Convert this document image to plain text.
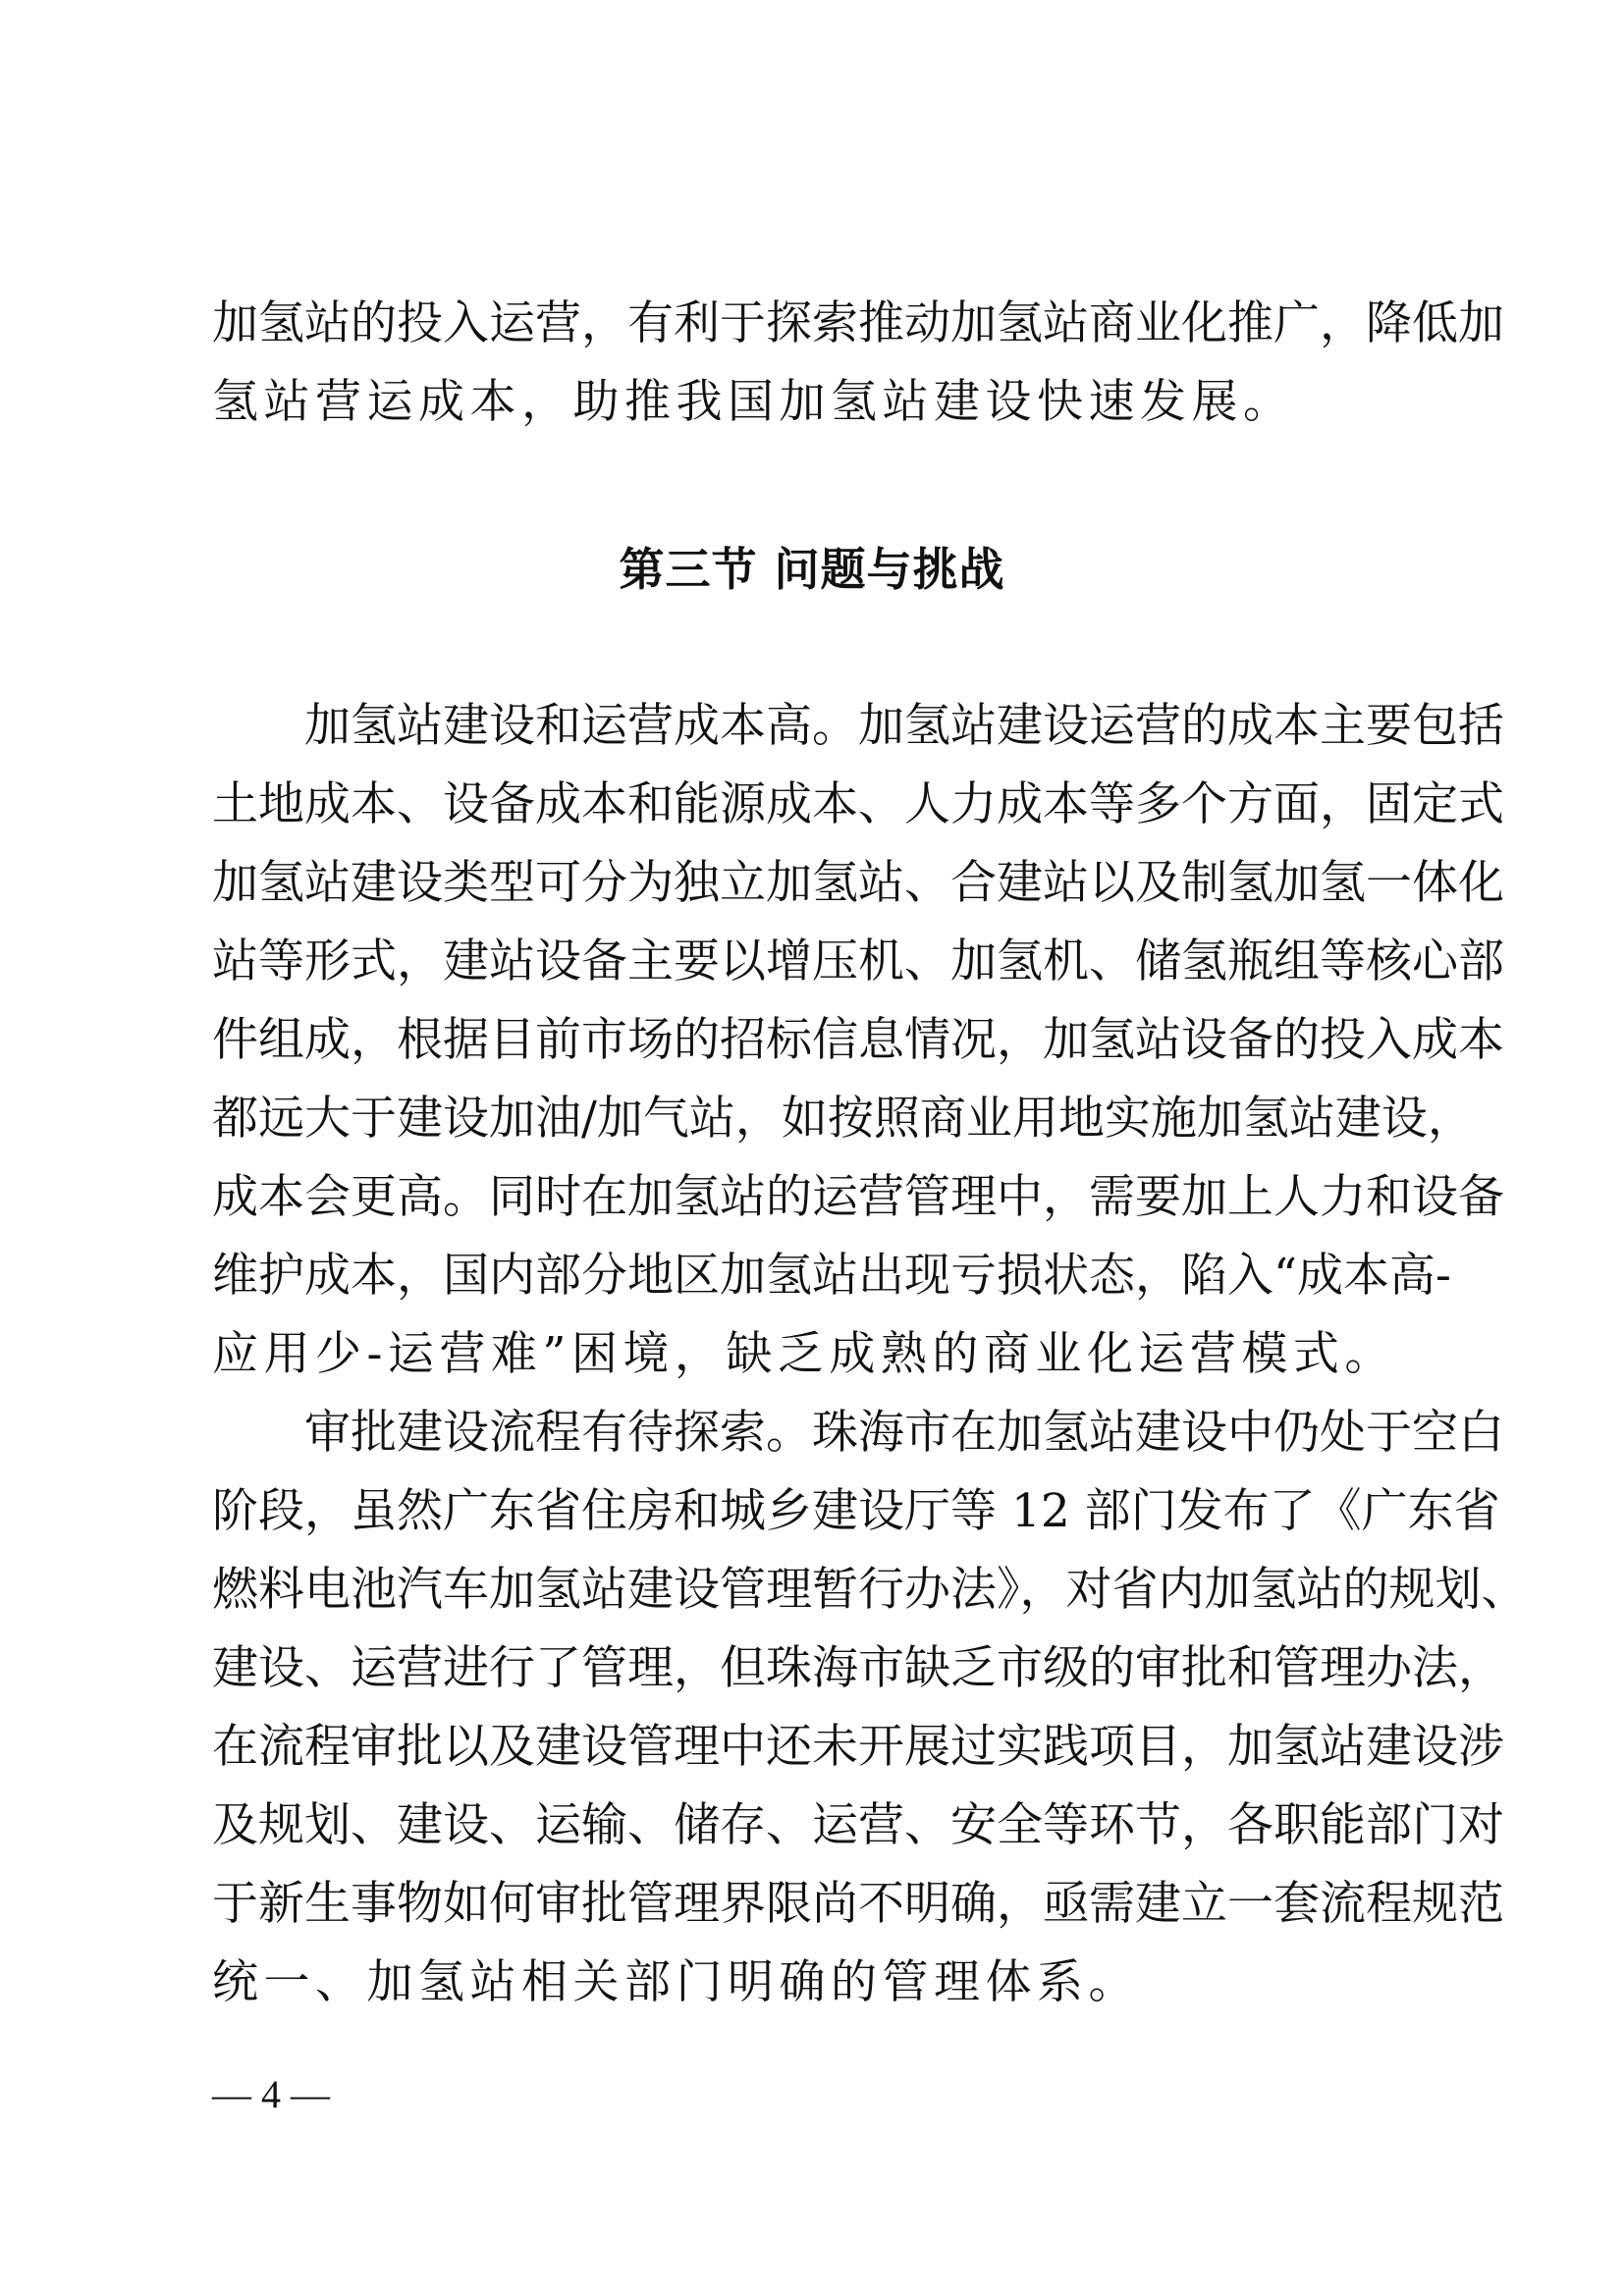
加氢站的投入运营，有利于探索推动加氢站商业化推广，降低加
氢站营运成本，助推我国加氢站建设快速发展。
第三节 问题与挑战
加氢站建设和运营成本高。加氢站建设运营的成本主要包括
土地成本、设备成本和能源成本、人力成本等多个方面，固定式
加氢站建设类型可分为独立加氢站、合建站以及制氢加氢一体化
站等形式，建站设备主要以增压机、加氢机、储氢瓶组等核心部
件组成，根据目前市场的招标信息情况，加氢站设备的投入成本
都远大于建设加油/加气站，如按照商业用地实施加氢站建设，
成本会更高。同时在加氢站的运营管理中，需要加上人力和设备
维护成本，国内部分地区加氢站出现亏损状态，陷入“成本高-
应用少-运营难”困境，缺乏成熟的商业化运营模式。
审批建设流程有待探索。珠海市在加氢站建设中仍处于空白
阶段，虽然广东省住房和城乡建设厅等 12 部门发布了《广东省
燃料电池汽车加氢站建设管理暂行办法》，对省内加氢站的规划、
建设、运营进行了管理，但珠海市缺乏市级的审批和管理办法，
在流程审批以及建设管理中还未开展过实践项目，加氢站建设涉
及规划、建设、运输、储存、运营、安全等环节，各职能部门对
于新生事物如何审批管理界限尚不明确，亟需建立一套流程规范
统一、加氢站相关部门明确的管理体系。
— 4 —
